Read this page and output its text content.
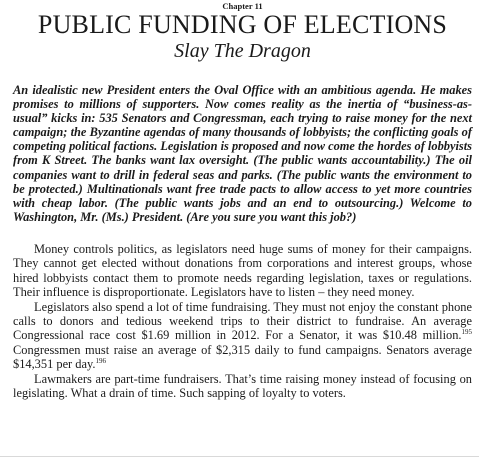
Chapter 11
PUBLIC FUNDING OF ELECTIONS
Slay The Dragon

An idealistic new President enters the Oval Office with an ambitious agenda. He makes promises to millions of supporters. Now comes reality as the inertia of “business-as-usual” kicks in: 535 Senators and Congressman, each trying to raise money for the next campaign; the Byzantine agendas of many thousands of lobbyists; the conflicting goals of competing political factions. Legislation is proposed and now come the hordes of lobbyists from K Street. The banks want lax oversight. (The public wants accountability.) The oil companies want to drill in federal seas and parks. (The public wants the environment to be protected.) Multinationals want free trade pacts to allow access to yet more countries with cheap labor. (The public wants jobs and an end to outsourcing.) Welcome to Washington, Mr. (Ms.) President. (Are you sure you want this job?)

Money controls politics, as legislators need huge sums of money for their campaigns. They cannot get elected without donations from corporations and interest groups, whose hired lobbyists contact them to promote needs regarding legislation, taxes or regulations. Their influence is disproportionate. Legislators have to listen – they need money.

Legislators also spend a lot of time fundraising. They must not enjoy the constant phone calls to donors and tedious weekend trips to their district to fundraise. An average Congressional race cost $1.69 million in 2012. For a Senator, it was $10.48 million.$^{195}$ Congressmen must raise an average of $2,315 daily to fund campaigns. Senators average $14,351 per day.$^{196}$

Lawmakers are part-time fundraisers. That’s time raising money instead of focusing on legislating. What a drain of time. Such sapping of loyalty to voters.
